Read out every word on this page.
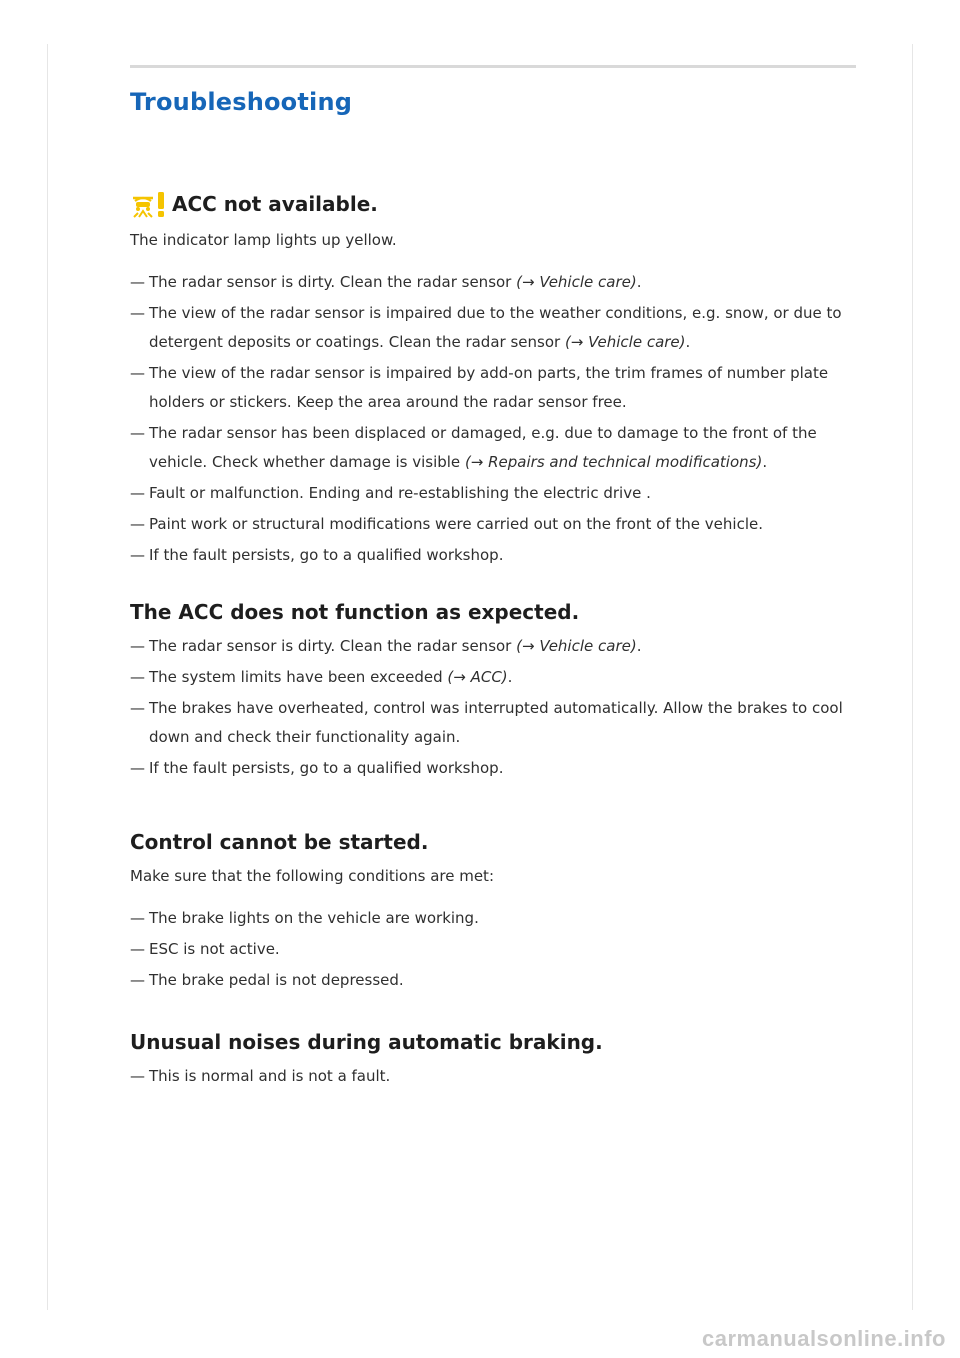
Troubleshooting
ACC not available.

The indicator lamp lights up yellow.

— The radar sensor is dirty. Clean the radar sensor (→ Vehicle care).
— The view of the radar sensor is impaired due to the weather conditions, e.g. snow, or due to detergent deposits or coatings. Clean the radar sensor (→ Vehicle care).
— The view of the radar sensor is impaired by add-on parts, the trim frames of number plate holders or stickers. Keep the area around the radar sensor free.
— The radar sensor has been displaced or damaged, e.g. due to damage to the front of the vehicle. Check whether damage is visible (→ Repairs and technical modifications).
— Fault or malfunction. Ending and re-establishing the electric drive .
— Paint work or structural modifications were carried out on the front of the vehicle.
— If the fault persists, go to a qualified workshop.
The ACC does not function as expected.
— The radar sensor is dirty. Clean the radar sensor (→ Vehicle care).
— The system limits have been exceeded (→ ACC).
— The brakes have overheated, control was interrupted automatically. Allow the brakes to cool down and check their functionality again.
— If the fault persists, go to a qualified workshop.
Control cannot be started.

Make sure that the following conditions are met:

— The brake lights on the vehicle are working.
— ESC is not active.
— The brake pedal is not depressed.
Unusual noises during automatic braking.
— This is normal and is not a fault.
carmanualsonline.info
